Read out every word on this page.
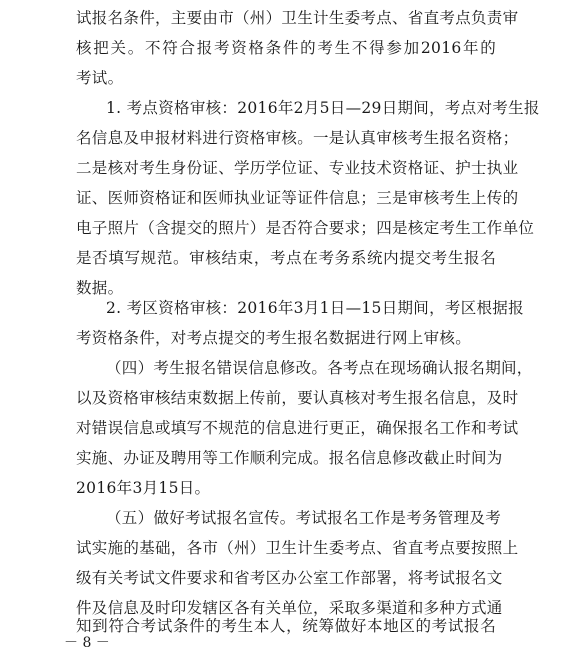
试报名条件，主要由市（州）卫生计生委考点、省直考点负责审
核把关。不符合报考资格条件的考生不得参加2016年的
考试。
1. 考点资格审核：2016年2月5日—29日期间，考点对考生报
名信息及申报材料进行资格审核。一是认真审核考生报名资格；
二是核对考生身份证、学历学位证、专业技术资格证、护士执业
证、医师资格证和医师执业证等证件信息；三是审核考生上传的
电子照片（含提交的照片）是否符合要求；四是核定考生工作单位
是否填写规范。审核结束，考点在考务系统内提交考生报名
数据。
2. 考区资格审核：2016年3月1日—15日期间，考区根据报
考资格条件，对考点提交的考生报名数据进行网上审核。
（四）考生报名错误信息修改。各考点在现场确认报名期间，
以及资格审核结束数据上传前，要认真核对考生报名信息，及时
对错误信息或填写不规范的信息进行更正，确保报名工作和考试
实施、办证及聘用等工作顺利完成。报名信息修改截止时间为
2016年3月15日。
（五）做好考试报名宣传。考试报名工作是考务管理及考
试实施的基础，各市（州）卫生计生委考点、省直考点要按照上
级有关考试文件要求和省考区办公室工作部署，将考试报名文
件及信息及时印发辖区各有关单位，采取多渠道和多种方式通
知到符合考试条件的考生本人，统筹做好本地区的考试报名
－ 8 －
